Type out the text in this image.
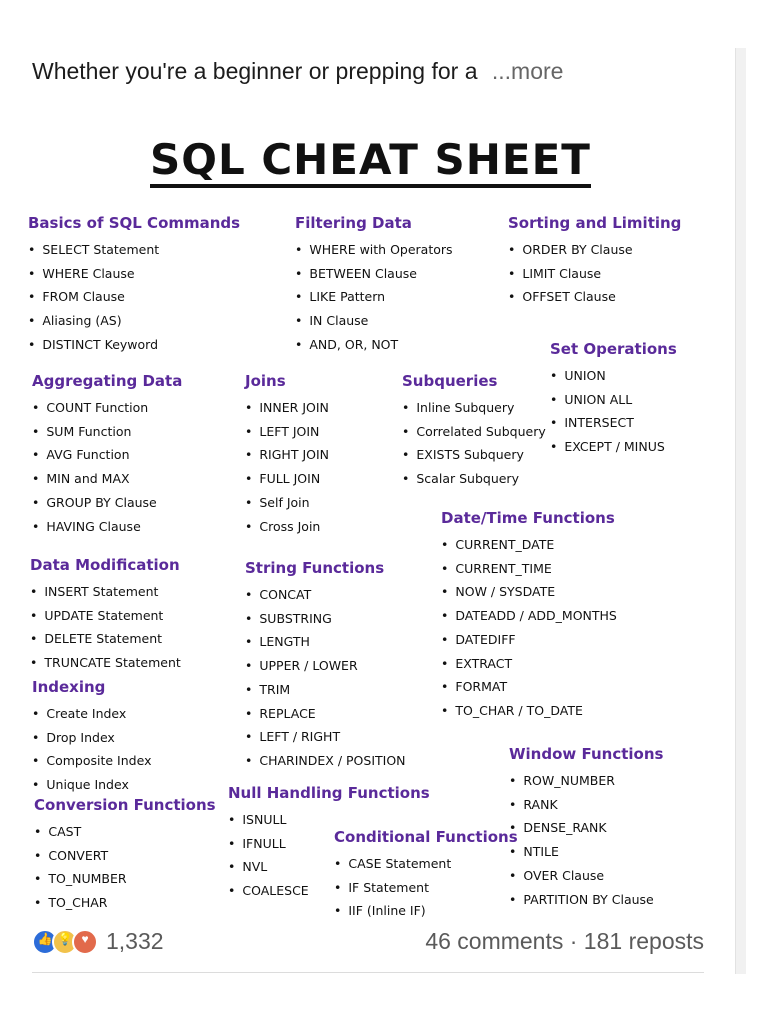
Whether you're a beginner or prepping for a ...more
SQL CHEAT SHEET
Basics of SQL Commands
• SELECT Statement
• WHERE Clause
• FROM Clause
• Aliasing (AS)
• DISTINCT Keyword
Filtering Data
• WHERE with Operators
• BETWEEN Clause
• LIKE Pattern
• IN Clause
• AND, OR, NOT
Sorting and Limiting
• ORDER BY Clause
• LIMIT Clause
• OFFSET Clause
Set Operations
• UNION
• UNION ALL
• INTERSECT
• EXCEPT / MINUS
Aggregating Data
• COUNT Function
• SUM Function
• AVG Function
• MIN and MAX
• GROUP BY Clause
• HAVING Clause
Joins
• INNER JOIN
• LEFT JOIN
• RIGHT JOIN
• FULL JOIN
• Self Join
• Cross Join
Subqueries
• Inline Subquery
• Correlated Subquery
• EXISTS Subquery
• Scalar Subquery
Date/Time Functions
• CURRENT_DATE
• CURRENT_TIME
• NOW / SYSDATE
• DATEADD / ADD_MONTHS
• DATEDIFF
• EXTRACT
• FORMAT
• TO_CHAR / TO_DATE
Data Modification
• INSERT Statement
• UPDATE Statement
• DELETE Statement
• TRUNCATE Statement
String Functions
• CONCAT
• SUBSTRING
• LENGTH
• UPPER / LOWER
• TRIM
• REPLACE
• LEFT / RIGHT
• CHARINDEX / POSITION
Indexing
• Create Index
• Drop Index
• Composite Index
• Unique Index
Window Functions
• ROW_NUMBER
• RANK
• DENSE_RANK
• NTILE
• OVER Clause
• PARTITION BY Clause
Conversion Functions
• CAST
• CONVERT
• TO_NUMBER
• TO_CHAR
Null Handling Functions
• ISNULL
• IFNULL
• NVL
• COALESCE
Conditional Functions
• CASE Statement
• IF Statement
• IIF (Inline IF)
👍 💡 ♥ 1,332	46 comments · 181 reposts
